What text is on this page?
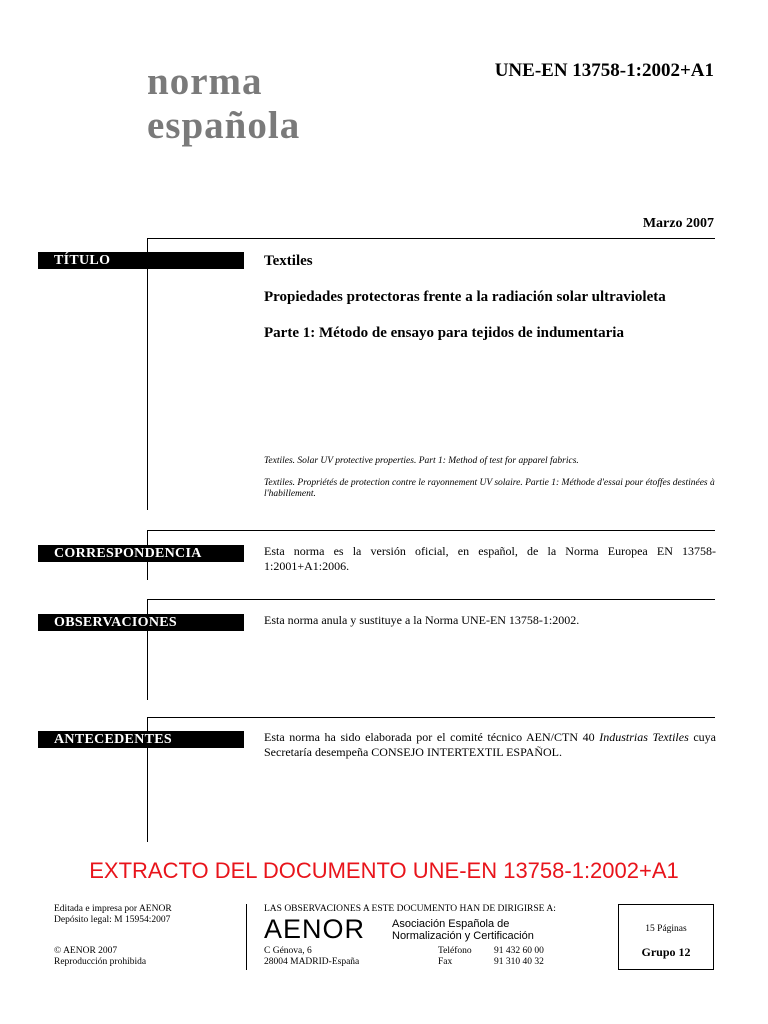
norma
española
UNE-EN 13758-1:2002+A1
Marzo 2007
TÍTULO	Textiles
Propiedades protectoras frente a la radiación solar ultravioleta
Parte 1: Método de ensayo para tejidos de indumentaria
Textiles. Solar UV protective properties. Part 1: Method of test for apparel fabrics.
Textiles. Propriétés de protection contre le rayonnement UV solaire. Partie 1: Méthode d'essai pour étoffes destinées à l'habillement.
CORRESPONDENCIA	Esta norma es la versión oficial, en español, de la Norma Europea EN 13758-1:2001+A1:2006.
OBSERVACIONES	Esta norma anula y sustituye a la Norma UNE-EN 13758-1:2002.
ANTECEDENTES	Esta norma ha sido elaborada por el comité técnico AEN/CTN 40 Industrias Textiles cuya Secretaría desempeña CONSEJO INTERTEXTIL ESPAÑOL.
EXTRACTO DEL DOCUMENTO UNE-EN 13758-1:2002+A1
Editada e impresa por AENOR
Depósito legal: M 15954:2007
© AENOR 2007
Reproducción prohibida
LAS OBSERVACIONES A ESTE DOCUMENTO HAN DE DIRIGIRSE A:
AENOR Asociación Española de
Normalización y Certificación
C Génova, 6
28004 MADRID-España
Teléfono 91 432 60 00
Fax	91 310 40 32
15 Páginas
Grupo 12
